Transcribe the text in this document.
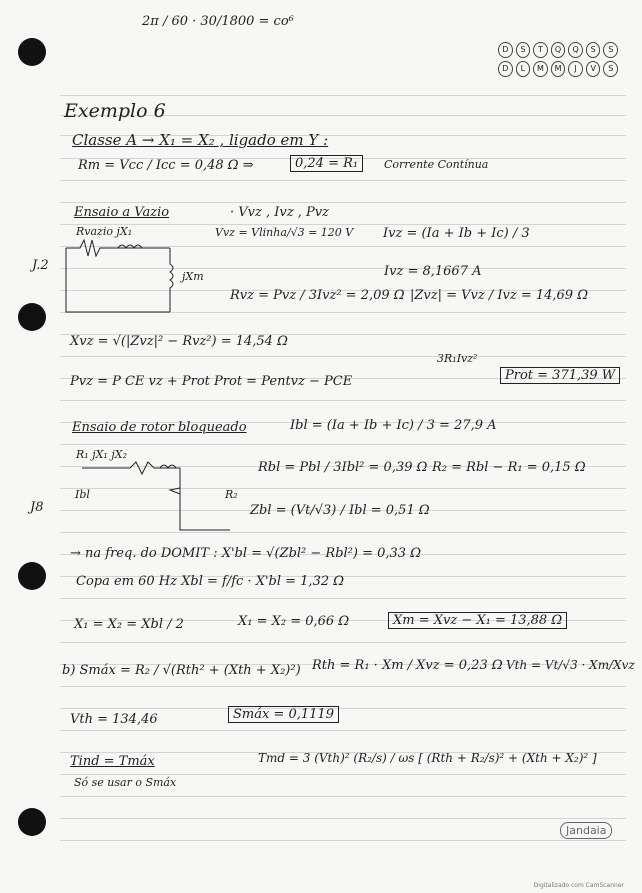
2π / 60 · 30/1800 = co⁶
D	S	T	Q	Q	S	S
D	L	M	M	J	V	S
J.2
J8
Exemplo 6
Classe A → X₁ = X₂ , ligado em Y :
Rm = Vcc / Icc = 0,48 Ω ⇒	0,24 = R₁	Corrente Contínua
Ensaio a Vazio	· Vvz , Ivz , Pvz
Rvazio jX₁	Vvz = Vlinha/√3 = 120 V Ivz = (Ia + Ib + Ic) / 3
jXm	Ivz = 8,1667 A
Rvz = Pvz / 3Ivz² = 2,09 Ω |Zvz| = Vvz / Ivz = 14,69 Ω
Xvz = √(|Zvz|² − Rvz²) = 14,54 Ω
Pvz = P CE vz + Prot Prot = Pentvz − PCE
3R₁Ivz²
Prot = 371,39 W
Ensaio de rotor bloqueado	Ibl = (Ia + Ib + Ic) / 3 = 27,9 A
R₁ jX₁ jX₂
Rbl = Pbl / 3Ibl² = 0,39 Ω R₂ = Rbl − R₁ = 0,15 Ω
Ibl	R₂
Zbl = (Vt/√3) / Ibl = 0,51 Ω
→ na freq. do DOMIT : X'bl = √(Zbl² − Rbl²) = 0,33 Ω
Copa em 60 Hz Xbl = f/fc · X'bl = 1,32 Ω
X₁ = X₂ = Xbl / 2	X₁ = X₂ = 0,66 Ω	Xm = Xvz − X₁ = 13,88 Ω
b) Smáx = R₂ / √(Rth² + (Xth + X₂)²) Rth = R₁ · Xm / Xvz = 0,23 Ω Vth = Vt/√3 · Xm/Xvz
Vth = 134,46	Smáx = 0,1119
Tind = Tmáx	Tmd = 3 (Vth)² (R₂/s) / ωs [ (Rth + R₂/s)² + (Xth + X₂)² ]
Só se usar o Smáx
Jandaia
Digitalizado com CamScanner
